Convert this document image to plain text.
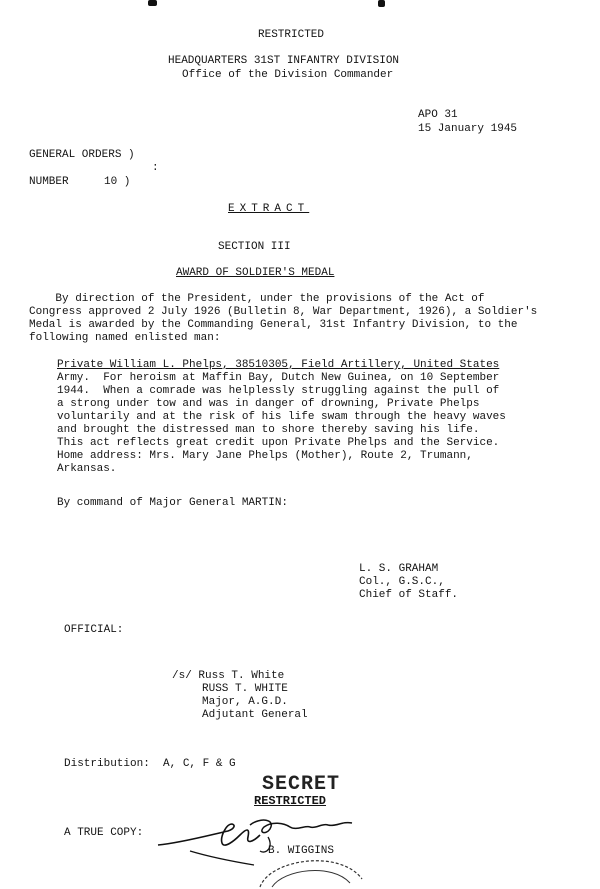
RESTRICTED
HEADQUARTERS 31ST INFANTRY DIVISION
Office of the Division Commander
APO 31
15 January 1945
GENERAL ORDERS )
:
NUMBER	10 )
EXTRACT
SECTION III
AWARD OF SOLDIER'S MEDAL
By direction of the President, under the provisions of the Act of
Congress approved 2 July 1926 (Bulletin 8, War Department, 1926), a Soldier's
Medal is awarded by the Commanding General, 31st Infantry Division, to the
following named enlisted man:
Private William L. Phelps, 38510305, Field Artillery, United States
Army.  For heroism at Maffin Bay, Dutch New Guinea, on 10 September
1944.  When a comrade was helplessly struggling against the pull of
a strong under tow and was in danger of drowning, Private Phelps
voluntarily and at the risk of his life swam through the heavy waves
and brought the distressed man to shore thereby saving his life.
This act reflects great credit upon Private Phelps and the Service.
Home address: Mrs. Mary Jane Phelps (Mother), Route 2, Trumann,
Arkansas.
By command of Major General MARTIN:
L. S. GRAHAM
Col., G.S.C.,
Chief of Staff.
OFFICIAL:
/s/ Russ T. White
RUSS T. WHITE
Major, A.G.D.
Adjutant General
Distribution:  A, C, F & G
SECRET
RESTRICTED
A TRUE COPY:
B. WIGGINS
